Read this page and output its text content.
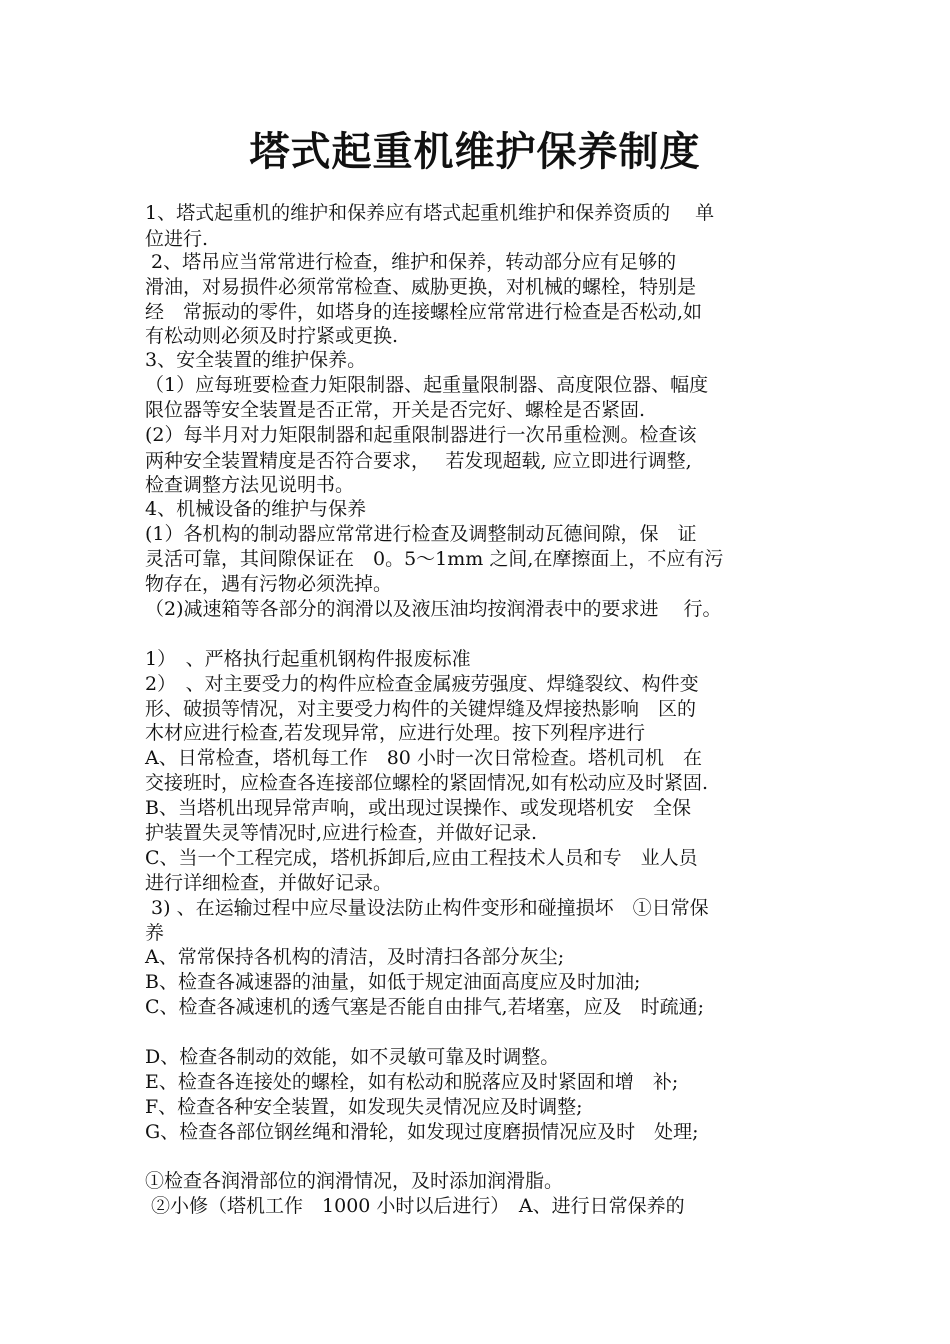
塔式起重机维护保养制度
1、塔式起重机的维护和保养应有塔式起重机维护和保养资质的　 单
位进行.
2、塔吊应当常常进行检查，维护和保养，转动部分应有足够的
滑油，对易损件必须常常检查、威胁更换，对机械的螺栓，特别是
经　常振动的零件，如塔身的连接螺栓应常常进行检查是否松动,如
有松动则必须及时拧紧或更换.
3、安全装置的维护保养。
（1）应每班要检查力矩限制器、起重量限制器、高度限位器、幅度
限位器等安全装置是否正常，开关是否完好、螺栓是否紧固.
(2）每半月对力矩限制器和起重限制器进行一次吊重检测。检查该
两种安全装置精度是否符合要求，　 若发现超载, 应立即进行调整,
检查调整方法见说明书。
4、机械设备的维护与保养
(1）各机构的制动器应常常进行检查及调整制动瓦德间隙，保　证
灵活可靠，其间隙保证在　0。5～1mm 之间,在摩擦面上，不应有污
物存在，遇有污物必须洗掉。
（2)减速箱等各部分的润滑以及液压油均按润滑表中的要求进　 行。
1）　、严格执行起重机钢构件报废标准
2）　、对主要受力的构件应检查金属疲劳强度、焊缝裂纹、构件变
形、破损等情况，对主要受力构件的关键焊缝及焊接热影响　区的
木材应进行检查,若发现异常，应进行处理。按下列程序进行
A、日常检查，塔机每工作　80 小时一次日常检查。塔机司机　在
交接班时，应检查各连接部位螺栓的紧固情况,如有松动应及时紧固.
B、当塔机出现异常声响，或出现过误操作、或发现塔机安　全保
护装置失灵等情况时,应进行检查，并做好记录.
C、当一个工程完成，塔机拆卸后,应由工程技术人员和专　业人员
进行详细检查，并做好记录。
3) 、在运输过程中应尽量设法防止构件变形和碰撞损坏　①日常保
养
A、常常保持各机构的清洁，及时清扫各部分灰尘;
B、检查各减速器的油量，如低于规定油面高度应及时加油;
C、检查各减速机的透气塞是否能自由排气,若堵塞，应及　时疏通;
D、检查各制动的效能，如不灵敏可靠及时调整。
E、检查各连接处的螺栓，如有松动和脱落应及时紧固和增　补;
F、检查各种安全装置，如发现失灵情况应及时调整;
G、检查各部位钢丝绳和滑轮，如发现过度磨损情况应及时　处理;
①检查各润滑部位的润滑情况，及时添加润滑脂。
②小修（塔机工作　1000 小时以后进行）　A、进行日常保养的
